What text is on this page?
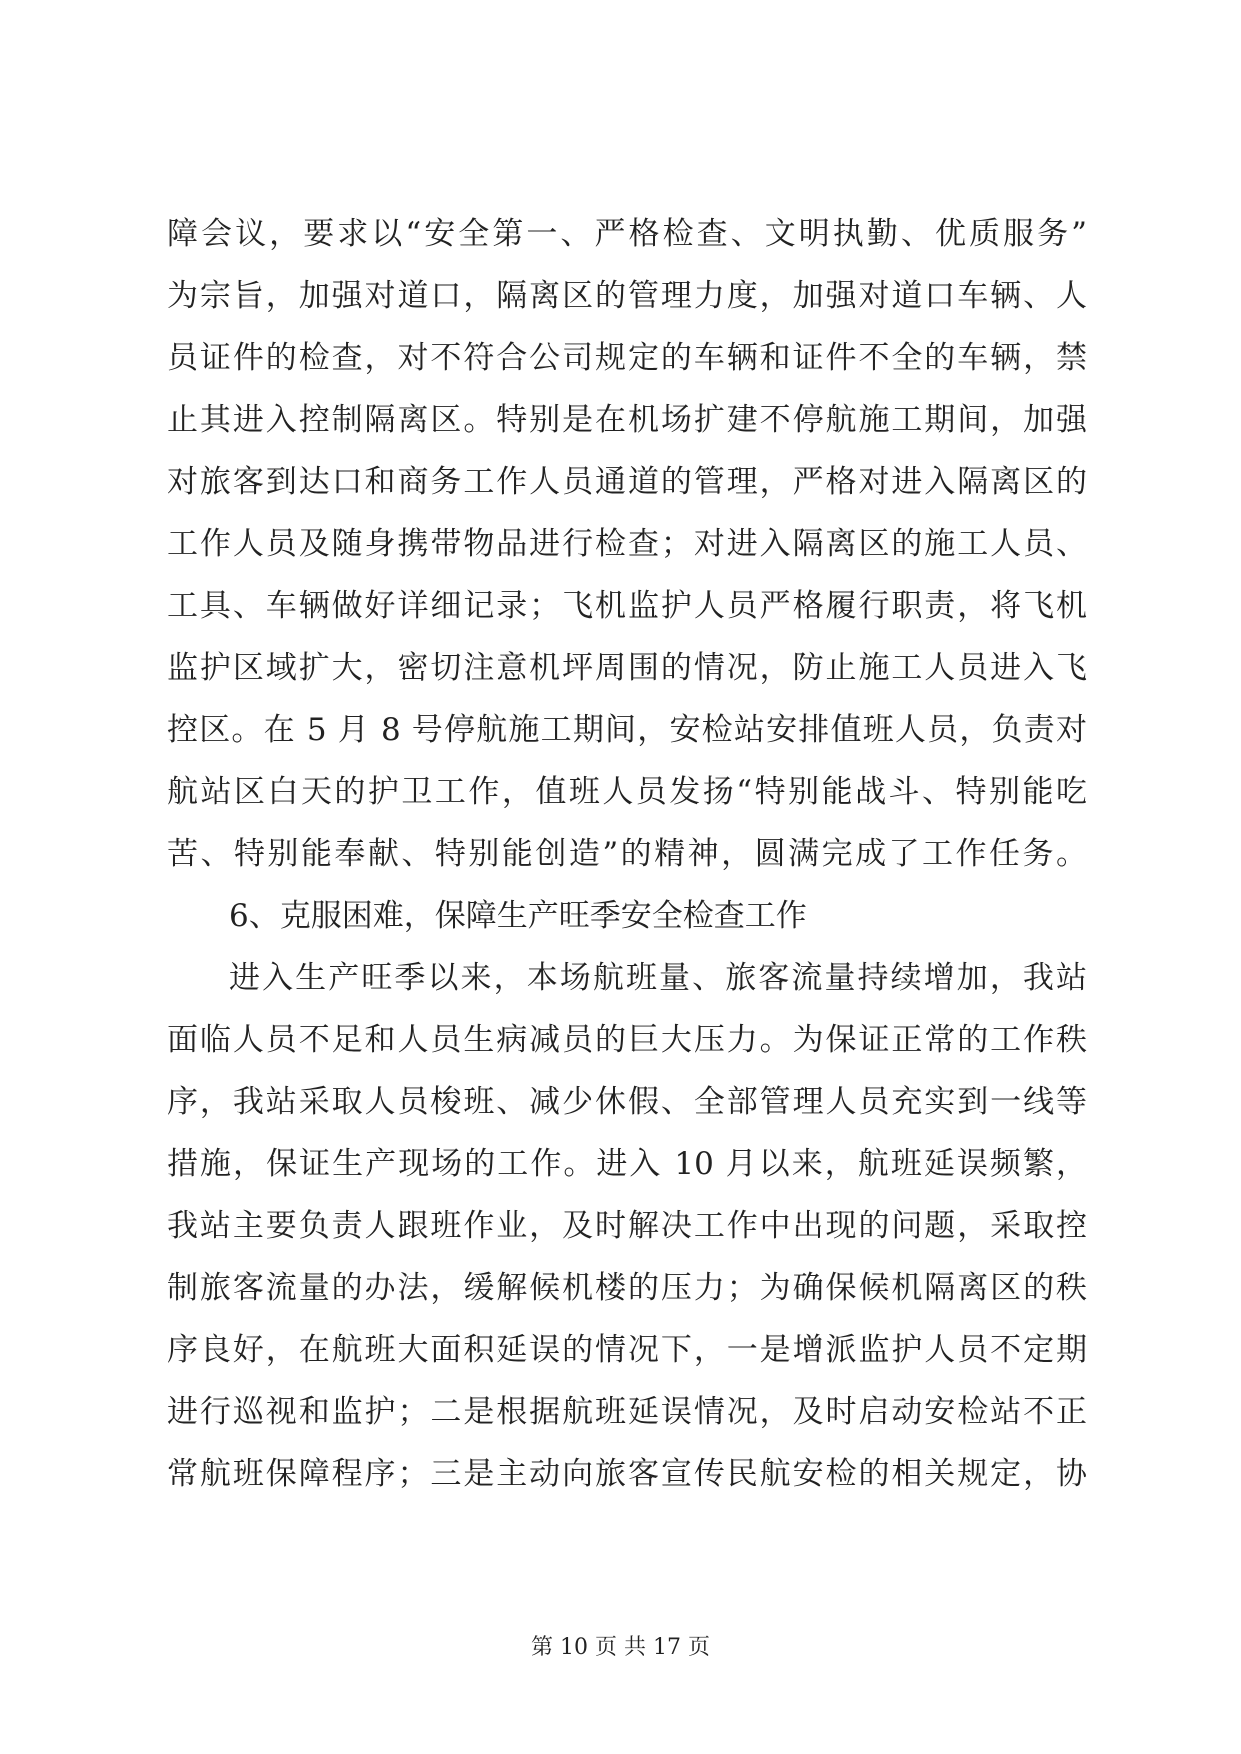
障会议，要求以“安全第一、严格检查、文明执勤、优质服务”
为宗旨，加强对道口，隔离区的管理力度，加强对道口车辆、人
员证件的检查，对不符合公司规定的车辆和证件不全的车辆，禁
止其进入控制隔离区。特别是在机场扩建不停航施工期间，加强
对旅客到达口和商务工作人员通道的管理，严格对进入隔离区的
工作人员及随身携带物品进行检查；对进入隔离区的施工人员、
工具、车辆做好详细记录；飞机监护人员严格履行职责，将飞机
监护区域扩大，密切注意机坪周围的情况，防止施工人员进入飞
控区。在 5 月 8 号停航施工期间，安检站安排值班人员，负责对
航站区白天的护卫工作，值班人员发扬“特别能战斗、特别能吃
苦、特别能奉献、特别能创造”的精神，圆满完成了工作任务。
6、克服困难，保障生产旺季安全检查工作
进入生产旺季以来，本场航班量、旅客流量持续增加，我站
面临人员不足和人员生病减员的巨大压力。为保证正常的工作秩
序，我站采取人员梭班、减少休假、全部管理人员充实到一线等
措施，保证生产现场的工作。进入 10 月以来，航班延误频繁，
我站主要负责人跟班作业，及时解决工作中出现的问题，采取控
制旅客流量的办法，缓解候机楼的压力；为确保候机隔离区的秩
序良好，在航班大面积延误的情况下，一是增派监护人员不定期
进行巡视和监护；二是根据航班延误情况，及时启动安检站不正
常航班保障程序；三是主动向旅客宣传民航安检的相关规定，协
第 10 页 共 17 页
